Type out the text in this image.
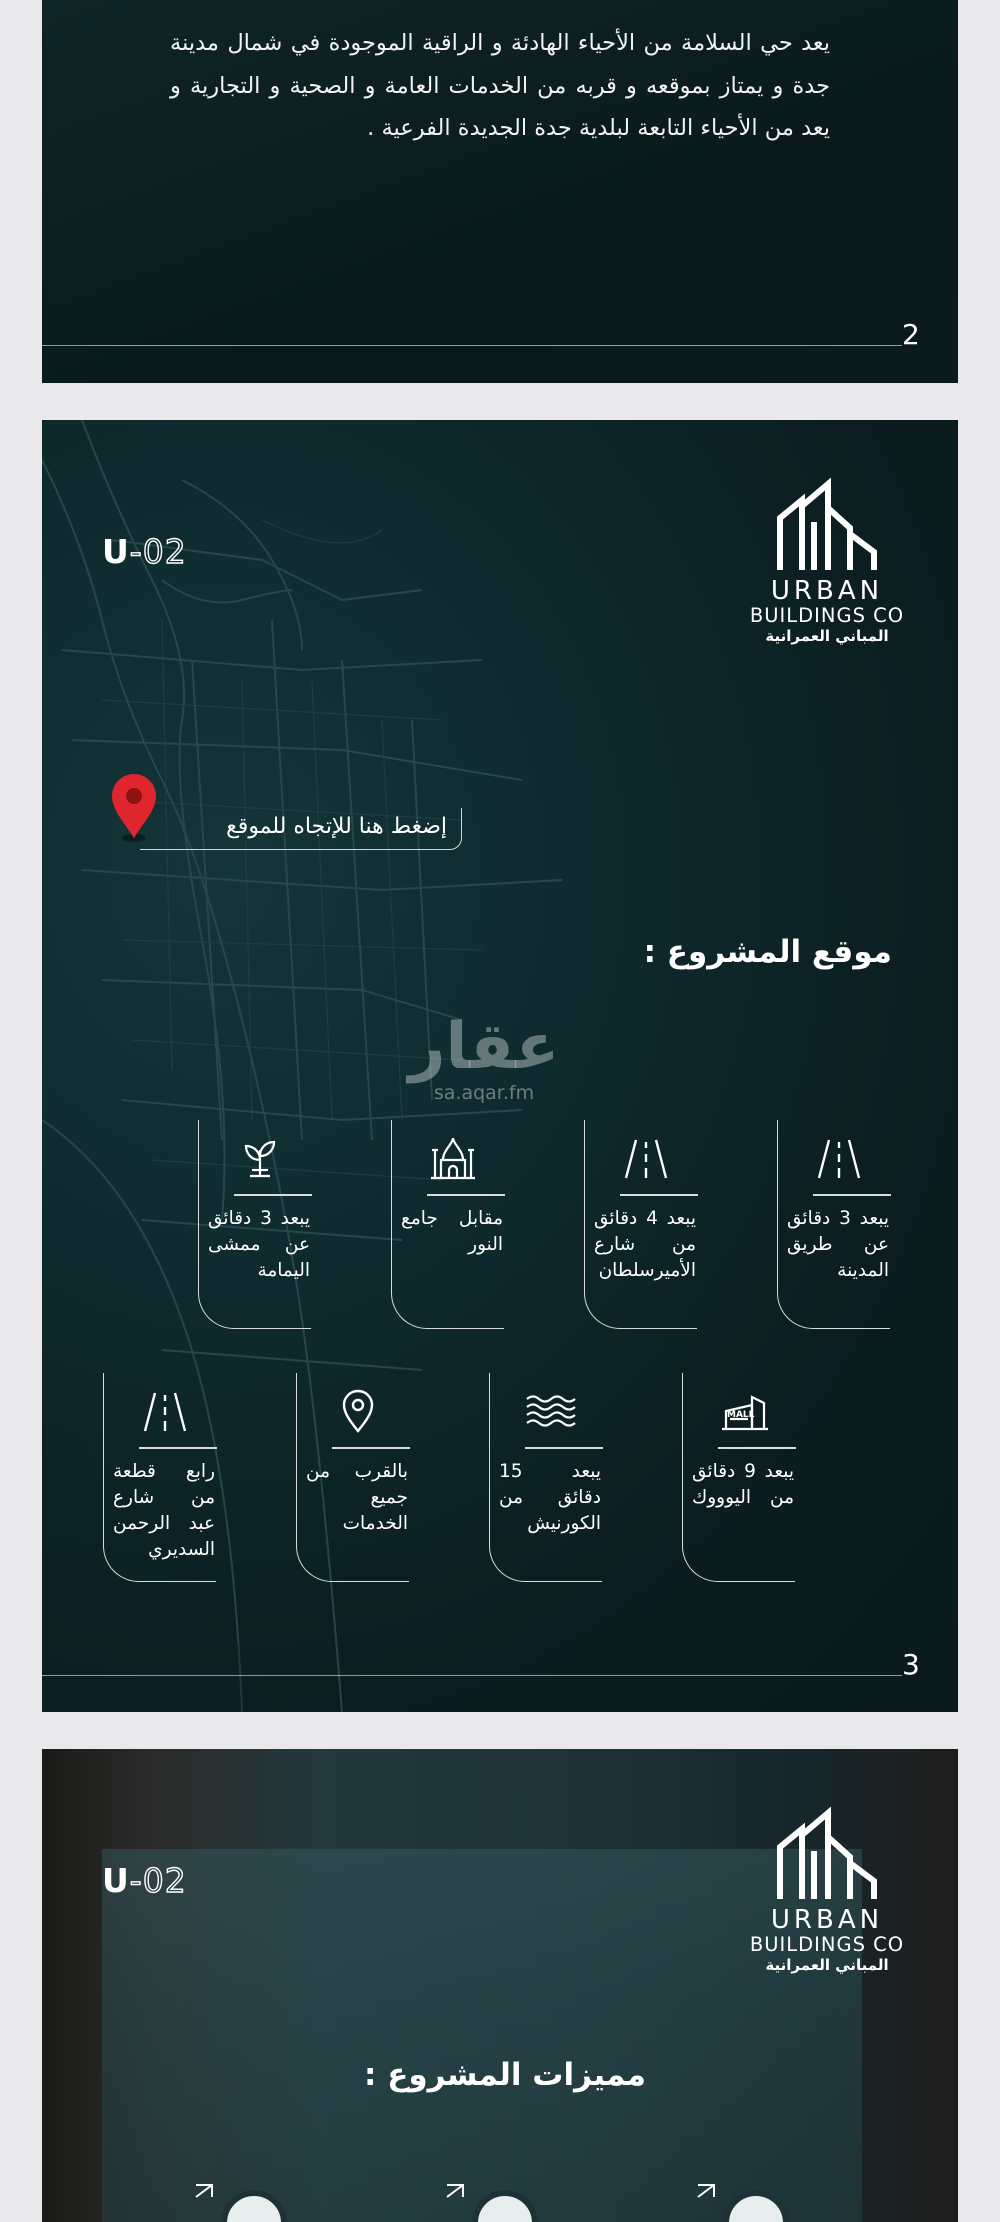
يعد حي السلامة من الأحياء الهادئة و الراقية الموجودة في شمال مدينة جدة و يمتاز بموقعه و قربه من الخدمات العامة و الصحية و التجارية و يعد من الأحياء التابعة لبلدية جدة الجديدة الفرعية .
2
U-02
URBAN
BUILDINGS CO
المباني العمرانية
إضغط هنا للإتجاه للموقع
موقع المشروع :
عقار
sa.aqar.fm
يبعد 3 دقائق عن ممشى اليمامة
مقابل جامع النور
يبعد 4 دقائق من شارع الأميرسلطان
يبعد 3 دقائق عن طريق المدينة
رابع قطعة من شارع عبد الرحمن السديري
بالقرب من جميع الخدمات
يبعد 15 دقائق من الكورنيش
MALL
يبعد 9 دقائق من اليوووك
3
U-02
URBAN
BUILDINGS CO
المباني العمرانية
مميزات المشروع :
